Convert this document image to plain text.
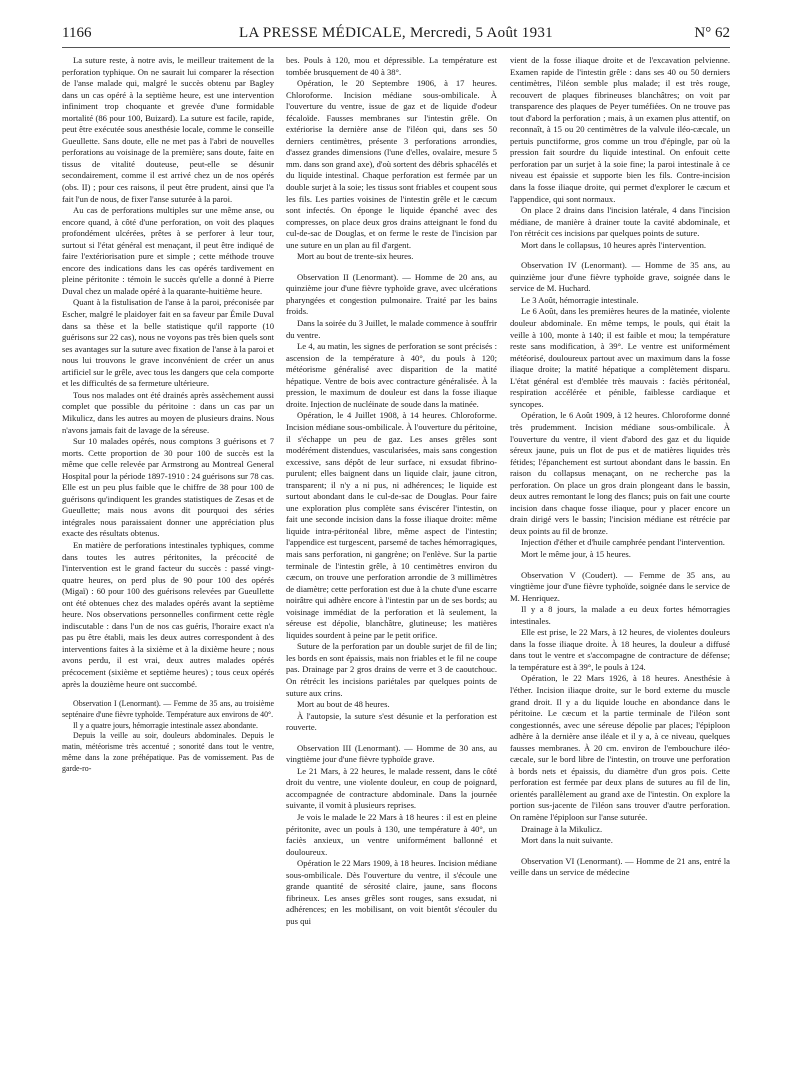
1166	LA PRESSE MÉDICALE, Mercredi, 5 Août 1931	N° 62

La suture reste, à notre avis, le meilleur traitement de la perforation typhique. On ne saurait lui comparer la résection de l'anse malade qui, malgré le succès obtenu par Bagley dans un cas opéré à la septième heure, est une intervention infiniment trop choquante et grevée d'une formidable mortalité (86 pour 100, Buizard). La suture est facile, rapide, peut être exécutée sous anesthésie locale, comme le conseille Gueullette. Sans doute, elle ne met pas à l'abri de nouvelles perforations au voisinage de la première; sans doute, faite en tissus de vitalité douteuse, peut-elle se désunir secondairement, comme il est arrivé chez un de nos opérés (obs. II) ; pour ces raisons, il peut être prudent, ainsi que l'a fait l'un de nous, de fixer l'anse suturée à la paroi.

Au cas de perforations multiples sur une même anse, ou encore quand, à côté d'une perforation, on voit des plaques profondément ulcérées, prêtes à se perforer à leur tour, surtout si l'état général est menaçant, il peut être indiqué de faire l'extériorisation pure et simple ; cette méthode trouve encore des indications dans les cas opérés tardivement en pleine péritonite : témoin le succès qu'elle a donné à Pierre Duval chez un malade opéré à la quarante-huitième heure.

Quant à la fistulisation de l'anse à la paroi, préconisée par Escher, malgré le plaidoyer fait en sa faveur par Émile Duval dans sa thèse et la belle statistique qu'il rapporte (10 guérisons sur 22 cas), nous ne voyons pas très bien quels sont ses avantages sur la suture avec fixation de l'anse à la paroi et nous lui trouvons le grave inconvénient de créer un anus artificiel sur le grêle, avec tous les dangers que cela comporte et les difficultés de sa fermeture ultérieure.

Tous nos malades ont été drainés après assèchement aussi complet que possible du péritoine : dans un cas par un Mikulicz, dans les autres au moyen de plusieurs drains. Nous n'avons jamais fait de lavage de la séreuse.

Sur 10 malades opérés, nous comptons 3 guérisons et 7 morts. Cette proportion de 30 pour 100 de succès est la même que celle relevée par Armstrong au Montreal General Hospital pour la période 1897-1910 : 24 guérisons sur 78 cas. Elle est un peu plus faible que le chiffre de 38 pour 100 de guérisons qu'indiquent les grandes statistiques de Zesas et de Gueullette; mais nous avons dit pourquoi des séries intégrales nous paraissaient donner une appréciation plus exacte des résultats obtenus.

En matière de perforations intestinales typhiques, comme dans toutes les autres péritonites, la précocité de l'intervention est le grand facteur du succès : passé vingt-quatre heures, on perd plus de 90 pour 100 des opérés (Migaï) : 60 pour 100 des guérisons relevées par Gueullette ont été obtenues chez des malades opérés avant la septième heure. Nos observations personnelles confirment cette règle indiscutable : dans l'un de nos cas guéris, l'horaire exact n'a pas pu être établi, mais les deux autres correspondent à des interventions faites à la sixième et à la dixième heure ; nous avons perdu, il est vrai, deux autres malades opérés précocement (sixième et septième heures) ; tous ceux opérés après la douzième heure ont succombé.

Observation I (Lenormant). — Femme de 35 ans, au troisième septénaire d'une fièvre typhoïde. Température aux environs de 40°.

Il y a quatre jours, hémorragie intestinale assez abondante.

Depuis la veille au soir, douleurs abdominales. Depuis le matin, météorisme très accentué ; sonorité dans tout le ventre, même dans la zone préhépatique. Pas de vomissement. Pas de garde-ro-

bes. Pouls à 120, mou et dépressible. La température est tombée brusquement de 40 à 38°.

Opération, le 20 Septembre 1906, à 17 heures. Chloroforme. Incision médiane sous-ombilicale. À l'ouverture du ventre, issue de gaz et de liquide d'odeur fécaloïde. Fausses membranes sur l'intestin grêle. On extériorise la dernière anse de l'iléon qui, dans ses 50 derniers centimètres, présente 3 perforations arrondies, d'assez grandes dimensions (l'une d'elles, ovalaire, mesure 5 mm. dans son grand axe), d'où sortent des débris sphacélés et du liquide intestinal. Chaque perforation est fermée par un double surjet à la soie; les tissus sont friables et coupent sous les fils. Les parties voisines de l'intestin grêle et le cæcum sont infectés. On éponge le liquide épanché avec des compresses, on place deux gros drains atteignant le fond du cul-de-sac de Douglas, et on ferme le reste de l'incision par une suture en un plan au fil d'argent.

Mort au bout de trente-six heures.

Observation II (Lenormant). — Homme de 20 ans, au quinzième jour d'une fièvre typhoïde grave, avec ulcérations pharyngées et congestion pulmonaire. Traité par les bains froids.

Dans la soirée du 3 Juillet, le malade commence à souffrir du ventre.

Le 4, au matin, les signes de perforation se sont précisés : ascension de la température à 40°, du pouls à 120; météorisme généralisé avec disparition de la matité hépatique. Ventre de bois avec contracture généralisée. À la pression, le maximum de douleur est dans la fosse iliaque droite. Injection de nucléinate de soude dans la matinée.

Opération, le 4 Juillet 1908, à 14 heures. Chloroforme. Incision médiane sous-ombilicale. À l'ouverture du péritoine, il s'échappe un peu de gaz. Les anses grêles sont modérément distendues, vascularisées, mais sans congestion excessive, sans dépôt de leur surface, ni exsudat fibrino-purulent; elles baignent dans un liquide clair, jaune citron, transparent; il n'y a ni pus, ni adhérences; le liquide est surtout abondant dans le cul-de-sac de Douglas. Pour faire une exploration plus complète sans éviscérer l'intestin, on fait une seconde incision dans la fosse iliaque droite: même liquide intra-péritonéal libre, même aspect de l'intestin; l'appendice est turgescent, parsemé de taches hémorragiques, mais sans perforation, ni gangrène; on l'enlève. Sur la partie terminale de l'intestin grêle, à 10 centimètres environ du cæcum, on trouve une perforation arrondie de 3 millimètres de diamètre; cette perforation est due à la chute d'une escarre noirâtre qui adhère encore à l'intestin par un de ses bords; au voisinage immédiat de la perforation et là seulement, la séreuse est dépolie, blanchâtre, glutineuse; les matières liquides sourdent à peine par le petit orifice.

Suture de la perforation par un double surjet de fil de lin; les bords en sont épaissis, mais non friables et le fil ne coupe pas. Drainage par 2 gros drains de verre et 3 de caoutchouc. On rétrécit les incisions pariétales par quelques points de suture aux crins.

Mort au bout de 48 heures.

À l'autopsie, la suture s'est désunie et la perforation est rouverte.

Observation III (Lenormant). — Homme de 30 ans, au vingtième jour d'une fièvre typhoïde grave.

Le 21 Mars, à 22 heures, le malade ressent, dans le côté droit du ventre, une violente douleur, en coup de poignard, accompagnée de contracture abdominale. Dans la journée suivante, il vomit à plusieurs reprises.

Je vois le malade le 22 Mars à 18 heures : il est en pleine péritonite, avec un pouls à 130, une température à 40°, un faciès anxieux, un ventre uniformément ballonné et douloureux.

Opération le 22 Mars 1909, à 18 heures. Incision médiane sous-ombilicale. Dès l'ouverture du ventre, il s'écoule une grande quantité de sérosité claire, jaune, sans flocons fibrineux. Les anses grêles sont rouges, sans exsudat, ni adhérences; en les mobilisant, on voit bientôt s'écouler du pus qui

vient de la fosse iliaque droite et de l'excavation pelvienne. Examen rapide de l'intestin grêle : dans ses 40 ou 50 derniers centimètres, l'iléon semble plus malade; il est très rouge, recouvert de plaques fibrineuses blanchâtres; on voit par transparence des plaques de Peyer tuméfiées. On ne trouve pas tout d'abord la perforation ; mais, à un examen plus attentif, on reconnaît, à 15 ou 20 centimètres de la valvule iléo-cæcale, un pertuis punctiforme, gros comme un trou d'épingle, par où la pression fait sourdre du liquide intestinal. On enfouit cette perforation par un surjet à la soie fine; la paroi intestinale à ce niveau est épaissie et supporte bien les fils. Contre-incision dans la fosse iliaque droite, qui permet d'explorer le cæcum et l'appendice, qui sont normaux.

On place 2 drains dans l'incision latérale, 4 dans l'incision médiane, de manière à drainer toute la cavité abdominale, et l'on rétrécit ces incisions par quelques points de suture.

Mort dans le collapsus, 10 heures après l'intervention.

Observation IV (Lenormant). — Homme de 35 ans, au quinzième jour d'une fièvre typhoïde grave, soignée dans le service de M. Huchard.

Le 3 Août, hémorragie intestinale.

Le 6 Août, dans les premières heures de la matinée, violente douleur abdominale. En même temps, le pouls, qui était la veille à 100, monte à 140; il est faible et mou; la température reste sans modification, à 39°. Le ventre est uniformément météorisé, douloureux partout avec un maximum dans la fosse iliaque droite; la matité hépatique a complètement disparu. L'état général est d'emblée très mauvais : faciès péritonéal, respiration accélérée et pénible, faiblesse cardiaque et syncopes.

Opération, le 6 Août 1909, à 12 heures. Chloroforme donné très prudemment. Incision médiane sous-ombilicale. À l'ouverture du ventre, il vient d'abord des gaz et du liquide séreux jaune, puis un flot de pus et de matières liquides très fétides; l'épanchement est surtout abondant dans le bassin. En raison du collapsus menaçant, on ne recherche pas la perforation. On place un gros drain plongeant dans le bassin, deux autres remontant le long des flancs; puis on fait une courte incision dans chaque fosse iliaque, pour y placer encore un drain dirigé vers le bassin; l'incision médiane est rétrécie par deux points au fil de bronze.

Injection d'éther et d'huile camphrée pendant l'intervention.

Mort le même jour, à 15 heures.

Observation V (Coudert). — Femme de 35 ans, au vingtième jour d'une fièvre typhoïde, soignée dans le service de M. Henriquez.

Il y a 8 jours, la malade a eu deux fortes hémorragies intestinales.

Elle est prise, le 22 Mars, à 12 heures, de violentes douleurs dans la fosse iliaque droite. À 18 heures, la douleur a diffusé dans tout le ventre et s'accompagne de contracture de défense; la température est à 39°, le pouls à 124.

Opération, le 22 Mars 1926, à 18 heures. Anesthésie à l'éther. Incision iliaque droite, sur le bord externe du muscle grand droit. Il y a du liquide louche en abondance dans le péritoine. Le cæcum et la partie terminale de l'iléon sont congestionnés, avec une séreuse dépolie par places; l'épiploon adhère à la dernière anse iléale et il y a, à ce niveau, quelques fausses membranes. À 20 cm. environ de l'embouchure iléo-cæcale, sur le bord libre de l'intestin, on trouve une perforation à bords nets et épaissis, du diamètre d'un gros pois. Cette perforation est fermée par deux plans de sutures au fil de lin, orientés parallèlement au grand axe de l'intestin. On explore la portion sus-jacente de l'iléon sans trouver d'autre perforation. On ramène l'épiploon sur l'anse suturée.

Drainage à la Mikulicz.

Mort dans la nuit suivante.

Observation VI (Lenormant). — Homme de 21 ans, entré la veille dans un service de médecine
